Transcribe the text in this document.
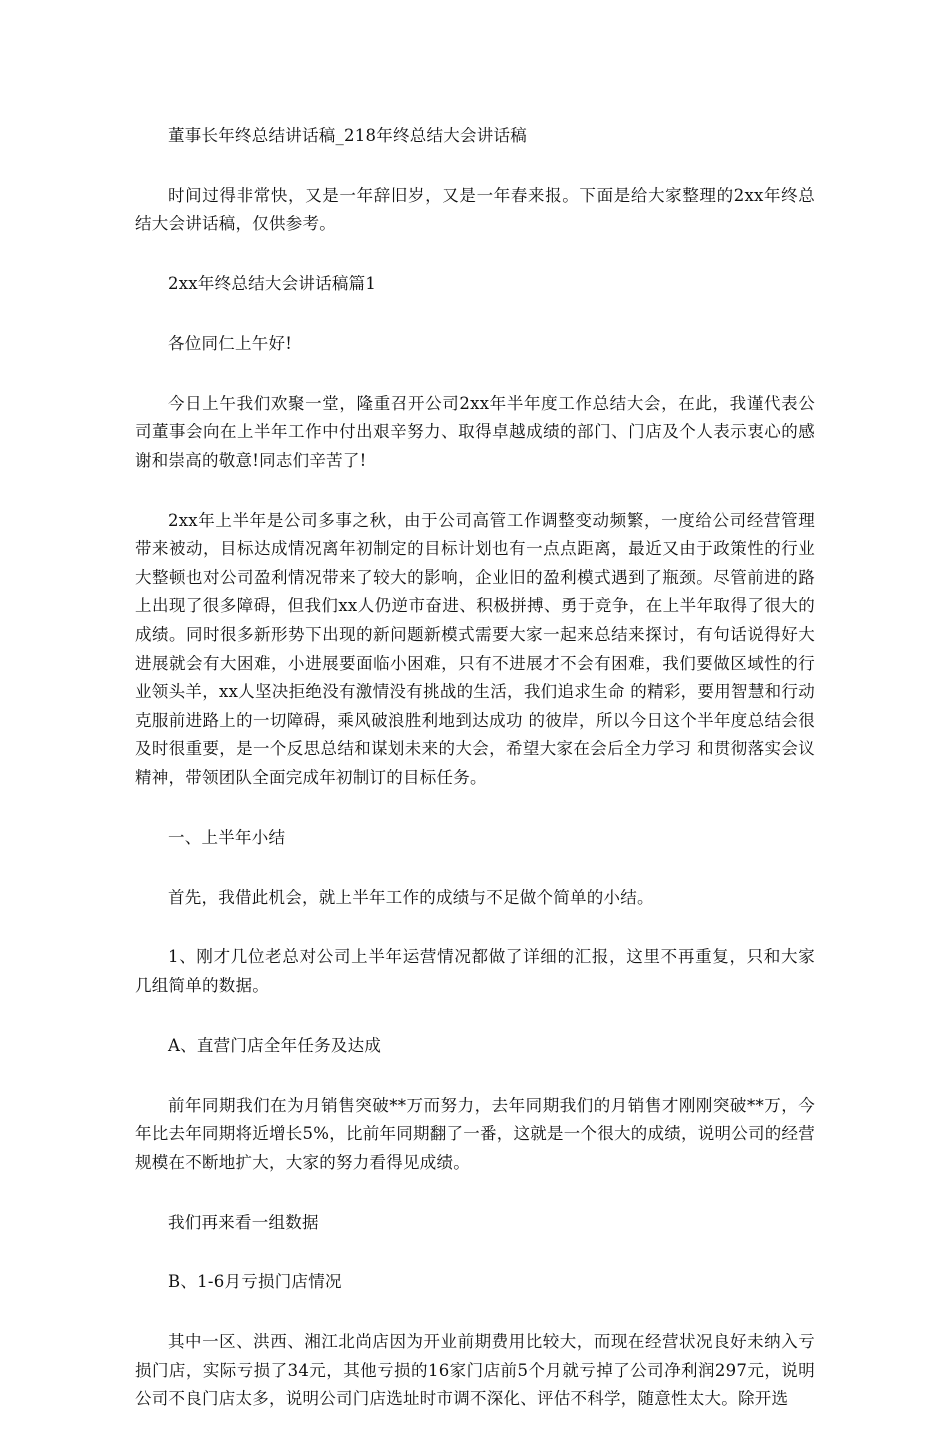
董事长年终总结讲话稿_218年终总结大会讲话稿

时间过得非常快，又是一年辞旧岁，又是一年春来报。下面是给大家整理的2xx年终总结大会讲话稿，仅供参考。

2xx年终总结大会讲话稿篇1

各位同仁上午好!

今日上午我们欢聚一堂，隆重召开公司2xx年半年度工作总结大会，在此，我谨代表公司董事会向在上半年工作中付出艰辛努力、取得卓越成绩的部门、门店及个人表示衷心的感谢和崇高的敬意!同志们辛苦了!

2xx年上半年是公司多事之秋，由于公司高管工作调整变动频繁，一度给公司经营管理带来被动，目标达成情况离年初制定的目标计划也有一点点距离，最近又由于政策性的行业大整顿也对公司盈利情况带来了较大的影响，企业旧的盈利模式遇到了瓶颈。尽管前进的路上出现了很多障碍，但我们xx人仍逆市奋进、积极拼搏、勇于竞争，在上半年取得了很大的成绩。同时很多新形势下出现的新问题新模式需要大家一起来总结来探讨，有句话说得好大进展就会有大困难，小进展要面临小困难，只有不进展才不会有困难，我们要做区域性的行业领头羊，xx人坚决拒绝没有激情没有挑战的生活，我们追求生命 的精彩，要用智慧和行动克服前进路上的一切障碍，乘风破浪胜利地到达成功 的彼岸，所以今日这个半年度总结会很及时很重要，是一个反思总结和谋划未来的大会，希望大家在会后全力学习 和贯彻落实会议精神，带领团队全面完成年初制订的目标任务。

一、上半年小结

首先，我借此机会，就上半年工作的成绩与不足做个简单的小结。

1、刚才几位老总对公司上半年运营情况都做了详细的汇报，这里不再重复，只和大家几组简单的数据。

A、直营门店全年任务及达成

前年同期我们在为月销售突破**万而努力，去年同期我们的月销售才刚刚突破**万，今年比去年同期将近增长5%，比前年同期翻了一番，这就是一个很大的成绩，说明公司的经营规模在不断地扩大，大家的努力看得见成绩。

我们再来看一组数据

B、1-6月亏损门店情况

其中一区、洪西、湘江北尚店因为开业前期费用比较大，而现在经营状况良好未纳入亏损门店，实际亏损了34元，其他亏损的16家门店前5个月就亏掉了公司净利润297元，说明公司不良门店太多，说明公司门店选址时市调不深化、评估不科学，随意性太大。除开选
